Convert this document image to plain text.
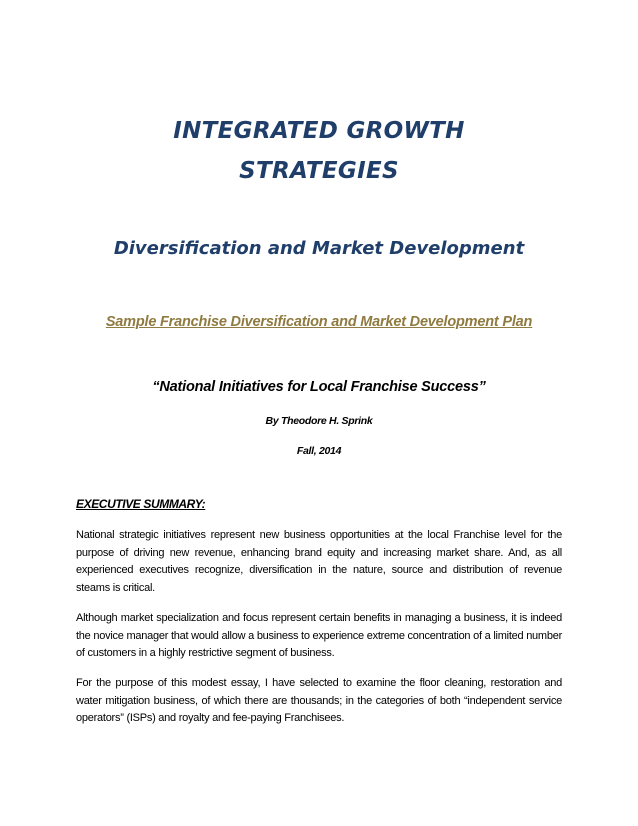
INTEGRATED GROWTH
STRATEGIES
Diversification and Market Development
Sample Franchise Diversification and Market Development Plan
“National Initiatives for Local Franchise Success”
By Theodore H. Sprink
Fall, 2014
EXECUTIVE SUMMARY:

National strategic initiatives represent new business opportunities at the local Franchise level for the purpose of driving new revenue, enhancing brand equity and increasing market share. And, as all experienced executives recognize, diversification in the nature, source and distribution of revenue steams is critical.

Although market specialization and focus represent certain benefits in managing a business, it is indeed the novice manager that would allow a business to experience extreme concentration of a limited number of customers in a highly restrictive segment of business.

For the purpose of this modest essay, I have selected to examine the floor cleaning, restoration and water mitigation business, of which there are thousands; in the categories of both “independent service operators” (ISPs) and royalty and fee-paying Franchisees.
